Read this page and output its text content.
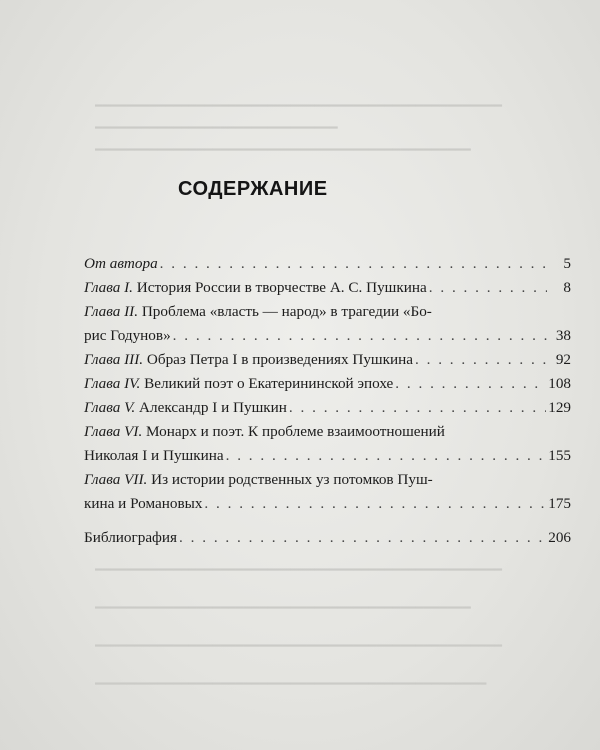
━━━━━━━━━━━━━━━━━━━━━━━━━━━━━━━━━━━━━━━━━━━━━━━━━━━━
━━━━━━━━━━━━━━━━━━━━━━━━━━━━━━━
━━━━━━━━━━━━━━━━━━━━━━━━━━━━━━━━━━━━━━━━━━━━━━━━
━━━━━━━━━━━━━━━━━━━━━━━━━━━━━━━━━━━━━━━━━━━━━━━━━━━━
━━━━━━━━━━━━━━━━━━━━━━━━━━━━━━━━━━━━━━━━━━━━━━━━
━━━━━━━━━━━━━━━━━━━━━━━━━━━━━━━━━━━━━━━━━━━━━━━━━━━━
━━━━━━━━━━━━━━━━━━━━━━━━━━━━━━━━━━━━━━━━━━━━━━━━━━
СОДЕРЖАНИЕ
От автора . . .	5
Глава I. История России в творчестве А. С. Пушкина . . .	8
Глава II. Проблема «власть — народ» в трагедии «Бо-
рис Годунов» . . .	38
Глава III. Образ Петра I в произведениях Пушкина . . .	92
Глава IV. Великий поэт о Екатерининской эпохе . . .	108
Глава V. Александр I и Пушкин . . .	129
Глава VI. Монарх и поэт. К проблеме взаимоотношений
Николая I и Пушкина . . .	155
Глава VII. Из истории родственных уз потомков Пуш-
кина и Романовых . . .	175
Библиография . . .	206
